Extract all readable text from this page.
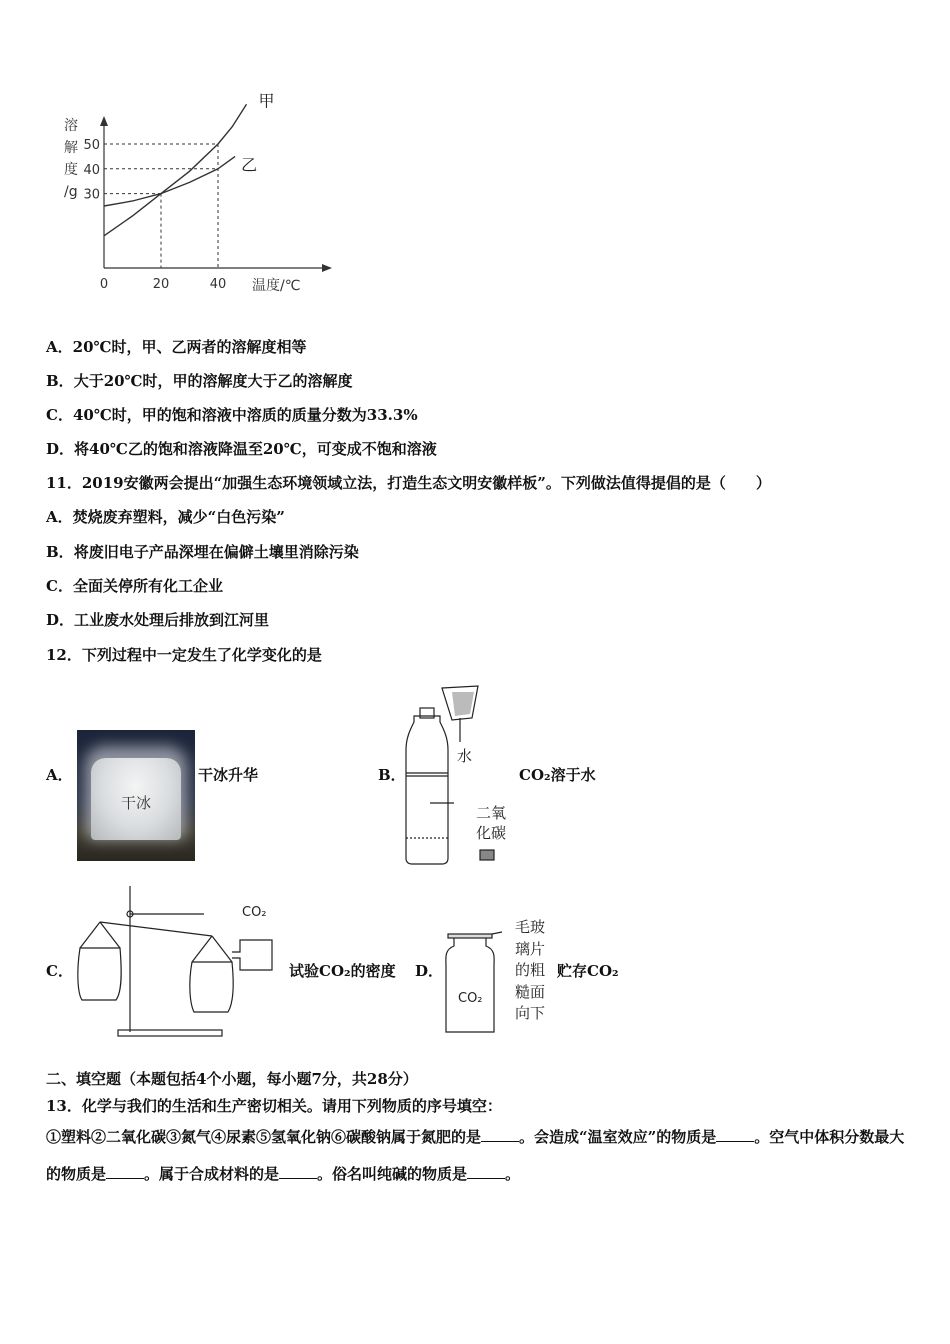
0	20	40
30
40
50
甲
乙
溶
解
度
/g
温度/℃
A．20℃时，甲、乙两者的溶解度相等
B．大于20℃时，甲的溶解度大于乙的溶解度
C．40℃时，甲的饱和溶液中溶质的质量分数为33.3%
D．将40℃乙的饱和溶液降温至20℃，可变成不饱和溶液
11．2019安徽两会提出“加强生态环境领域立法，打造生态文明安徽样板”。下列做法值得提倡的是（　　）
A．焚烧废弃塑料，减少“白色污染”
B．将废旧电子产品深埋在偏僻土壤里消除污染
C．全面关停所有化工企业
D．工业废水处理后排放到江河里
12．下列过程中一定发生了化学变化的是
A．
干冰
干冰升华	B．
水
二氧
化碳
CO₂溶于水
C．
CO₂
试验CO₂的密度 D．
CO₂
毛玻
璃片
的粗
糙面
向下
贮存CO₂
二、填空题（本题包括4个小题，每小题7分，共28分）
13．化学与我们的生活和生产密切相关。请用下列物质的序号填空：
①塑料②二氧化碳③氮气④尿素⑤氢氧化钠⑥碳酸钠属于氮肥的是	。会造成“温室效应”的物质是	。空气中体积分数最大的物质是	。属于合成材料的是	。俗名叫纯碱的物质是	。
